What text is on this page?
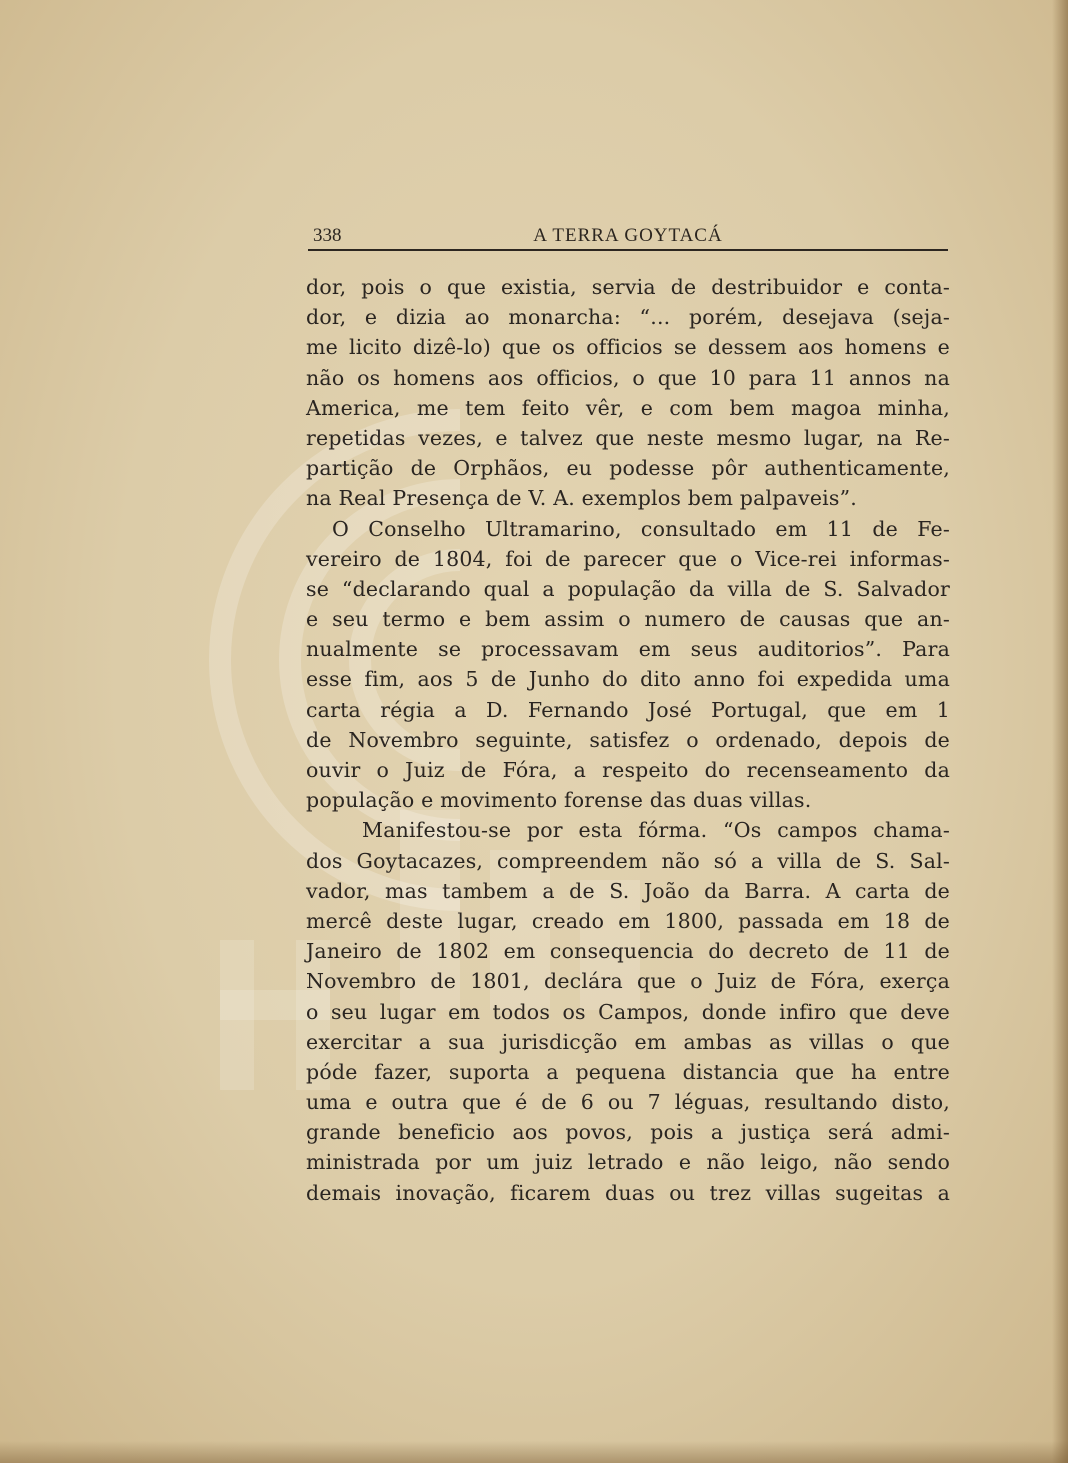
338	A TERRA GOYTACÁ
dor, pois o que existia, servia de destribuidor e conta-
dor, e dizia ao monarcha: “... porém, desejava (seja-
me licito dizê-lo) que os officios se dessem aos homens e
não os homens aos officios, o que 10 para 11 annos na
America, me tem feito vêr, e com bem magoa minha,
repetidas vezes, e talvez que neste mesmo lugar, na Re-
partição de Orphãos, eu podesse pôr authenticamente,
na Real Presença de V. A. exemplos bem palpaveis”.
O Conselho Ultramarino, consultado em 11 de Fe-
vereiro de 1804, foi de parecer que o Vice-rei informas-
se “declarando qual a população da villa de S. Salvador
e seu termo e bem assim o numero de causas que an-
nualmente se processavam em seus auditorios”. Para
esse fim, aos 5 de Junho do dito anno foi expedida uma
carta régia a D. Fernando José Portugal, que em 1
de Novembro seguinte, satisfez o ordenado, depois de
ouvir o Juiz de Fóra, a respeito do recenseamento da
população e movimento forense das duas villas.
Manifestou-se por esta fórma. “Os campos chama-
dos Goytacazes, compreendem não só a villa de S. Sal-
vador, mas tambem a de S. João da Barra. A carta de
mercê deste lugar, creado em 1800, passada em 18 de
Janeiro de 1802 em consequencia do decreto de 11 de
Novembro de 1801, declára que o Juiz de Fóra, exerça
o seu lugar em todos os Campos, donde infiro que deve
exercitar a sua jurisdicção em ambas as villas o que
póde fazer, suporta a pequena distancia que ha entre
uma e outra que é de 6 ou 7 léguas, resultando disto,
grande beneficio aos povos, pois a justiça será admi-
ministrada por um juiz letrado e não leigo, não sendo
demais inovação, ficarem duas ou trez villas sugeitas a
